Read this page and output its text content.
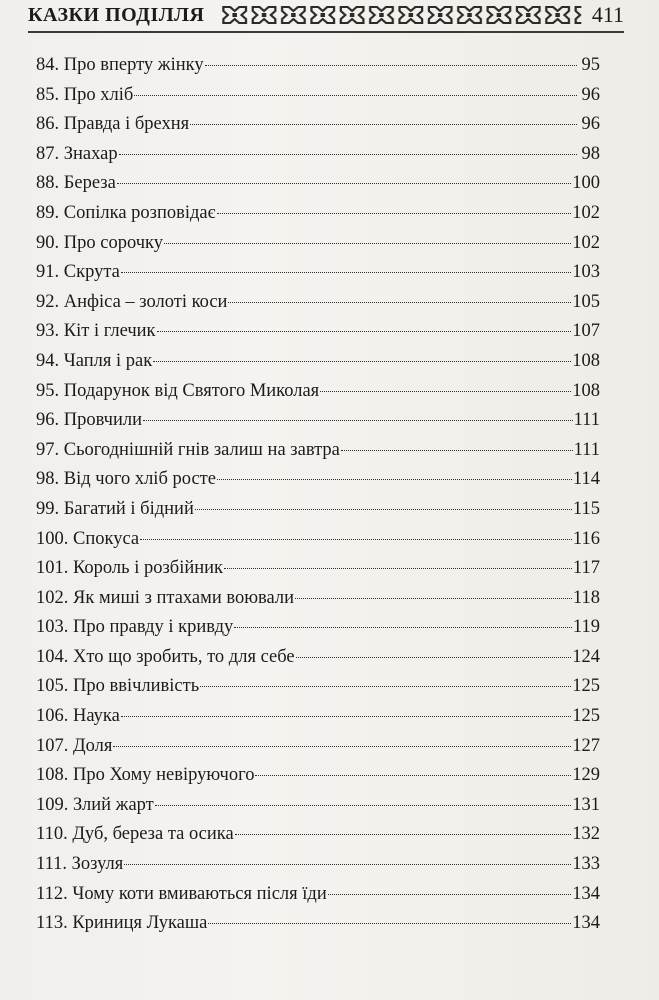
КАЗКИ ПОДІЛЛЯ	411
84. Про вперту жінку	95
85. Про хліб	96
86. Правда і брехня	96
87. Знахар	98
88. Береза	100
89. Сопілка розповідає	102
90. Про сорочку	102
91. Скрута	103
92. Анфіса – золоті коси	105
93. Кіт і глечик	107
94. Чапля і рак	108
95. Подарунок від Святого Миколая	108
96. Провчили	111
97. Сьогоднішній гнів залиш на завтра	111
98. Від чого хліб росте	114
99. Багатий і бідний	115
100. Спокуса	116
101. Король і розбійник	117
102. Як миші з птахами воювали	118
103. Про правду і кривду	119
104. Хто що зробить, то для себе	124
105. Про ввічливість	125
106. Наука	125
107. Доля	127
108. Про Хому невіруючого	129
109. Злий жарт	131
110. Дуб, береза та осика	132
111. Зозуля	133
112. Чому коти вмиваються після їди	134
113. Криниця Лукаша	134
